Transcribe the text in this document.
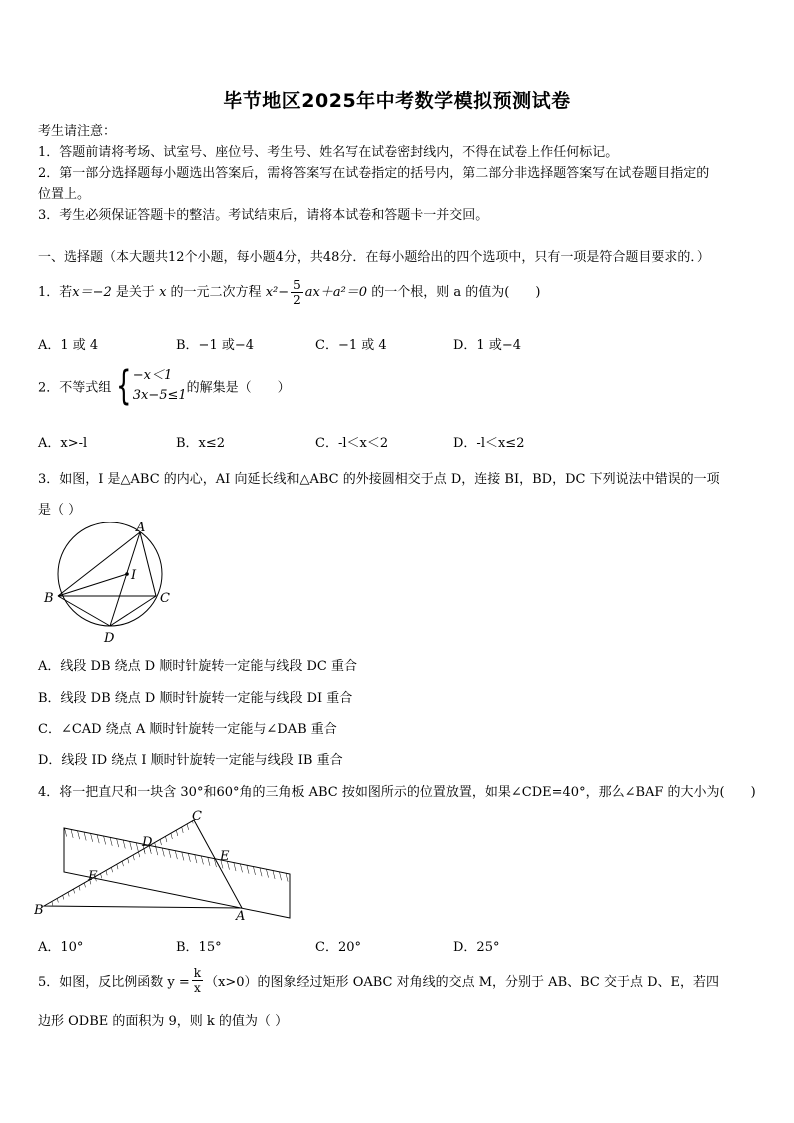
毕节地区2025年中考数学模拟预测试卷
考生请注意：
1．答题前请将考场、试室号、座位号、考生号、姓名写在试卷密封线内，不得在试卷上作任何标记。
2．第一部分选择题每小题选出答案后，需将答案写在试卷指定的括号内，第二部分非选择题答案写在试卷题目指定的
位置上。
3．考生必须保证答题卡的整洁。考试结束后，请将本试卷和答题卡一并交回。
一、选择题（本大题共12个小题，每小题4分，共48分．在每小题给出的四个选项中，只有一项是符合题目要求的．）
1．若x＝−2 是关于 x 的一元二次方程 $x^2- \frac{5}{2} ax+a^2=0$ 的一个根，则 a 的值为(　　)
A．1 或 4	B．−1 或−4	C．−1 或 4	D．1 或−4
2．不等式组 { −x＜1
3x−5≤1 的解集是（　　）
A．x>-l	B．x≤2	C．-l＜x＜2	D．-l＜x≤2
3．如图，I 是△ABC 的内心，AI 向延长线和△ABC 的外接圆相交于点 D，连接 BI，BD，DC 下列说法中错误的一项
是（ ）
A
I
B	C
D
A．线段 DB 绕点 D 顺时针旋转一定能与线段 DC 重合
B．线段 DB 绕点 D 顺时针旋转一定能与线段 DI 重合
C．∠CAD 绕点 A 顺时针旋转一定能与∠DAB 重合
D．线段 ID 绕点 I 顺时针旋转一定能与线段 IB 重合
4．将一把直尺和一块含 30°和60°角的三角板 ABC 按如图所示的位置放置，如果∠CDE=40°，那么∠BAF 的大小为(　　)
B
C
D
E
F
A
A．10°	B．15°	C．20°	D．25°
5．如图，反比例函数 $y = \frac{k}{x} (x>0)$的图象经过矩形 OABC 对角线的交点 M，分别于 AB、BC 交于点 D、E，若四
边形 ODBE 的面积为 9，则 k 的值为（ ）
